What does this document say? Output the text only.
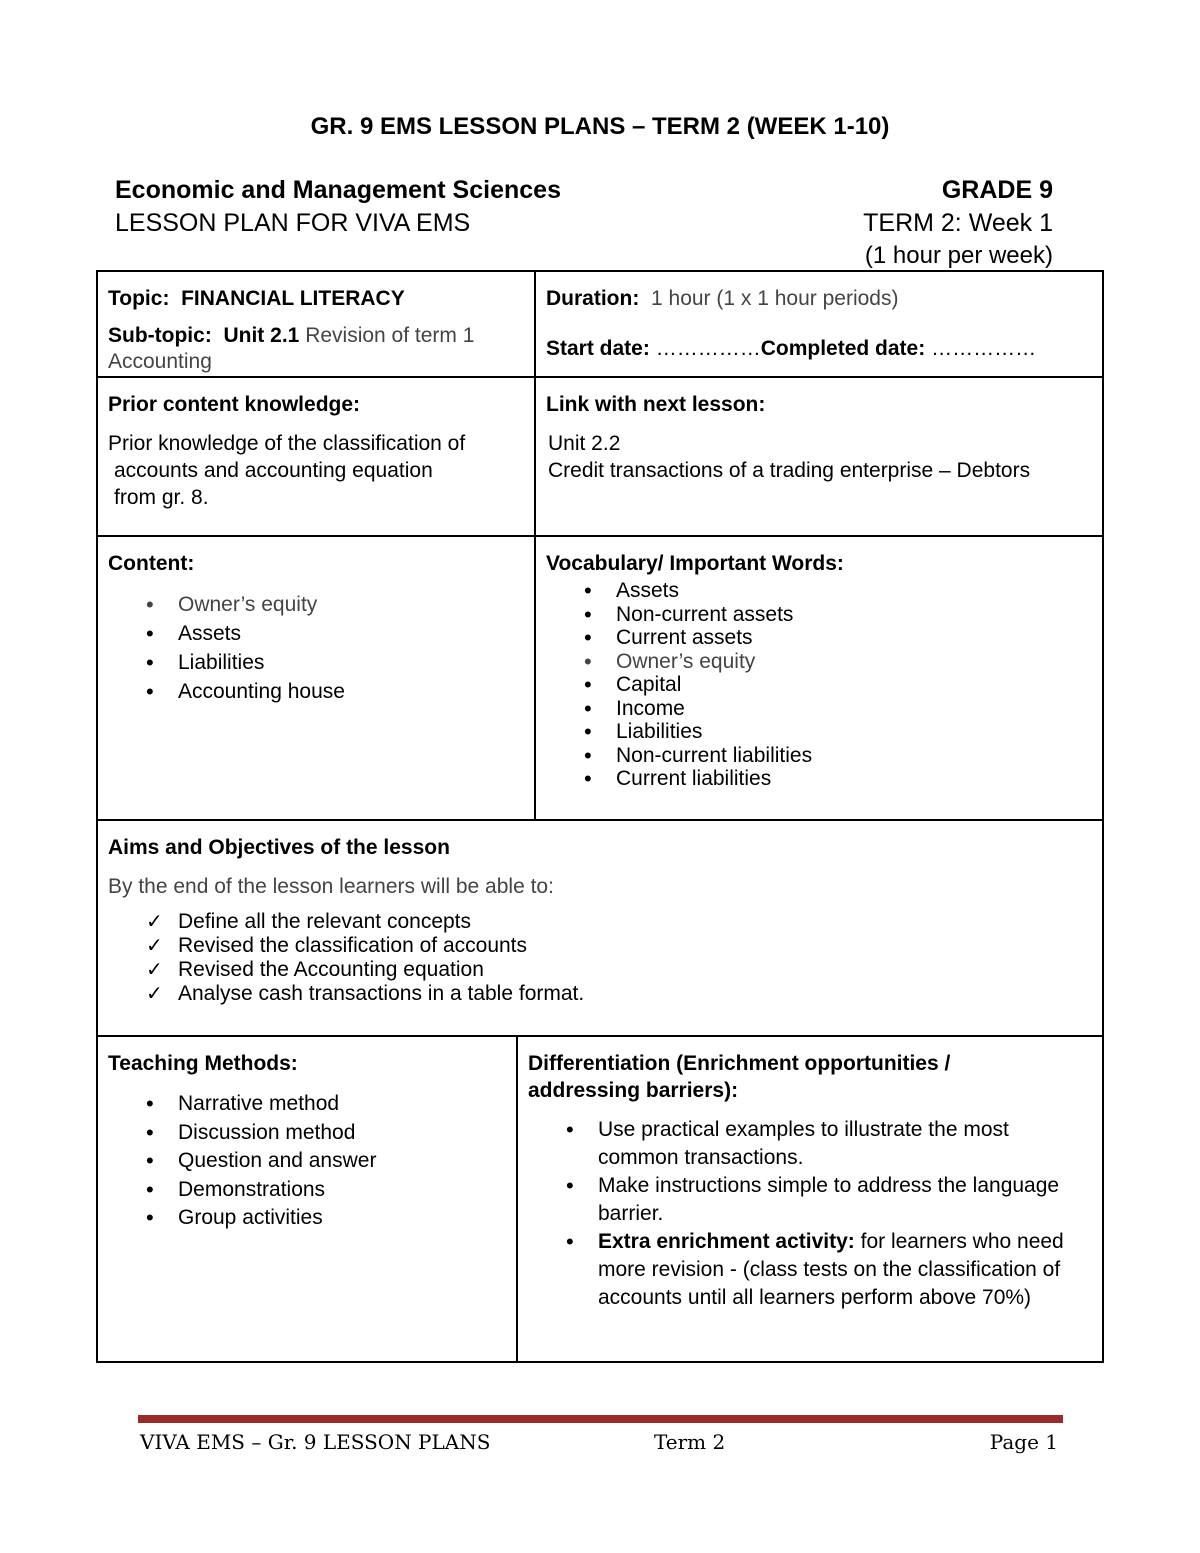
GR. 9 EMS LESSON PLANS – TERM 2 (WEEK 1-10)
Economic and Management Sciences
LESSON PLAN FOR VIVA EMS
GRADE 9
TERM 2: Week 1
(1 hour per week)
Topic: FINANCIAL LITERACY
Sub-topic: Unit 2.1 Revision of term 1 Accounting
Duration: 1 hour (1 x 1 hour periods)
Start date: ……………Completed date: ……………
Prior content knowledge:
Prior knowledge of the classification of
accounts and accounting equation
from gr. 8.
Link with next lesson:
Unit 2.2
Credit transactions of a trading enterprise – Debtors
Content:
• Owner’s equity
• Assets
• Liabilities
• Accounting house
Vocabulary/ Important Words:
• Assets
• Non-current assets
• Current assets
• Owner’s equity
• Capital
• Income
• Liabilities
• Non-current liabilities
• Current liabilities
Aims and Objectives of the lesson
By the end of the lesson learners will be able to:
✓ Define all the relevant concepts
✓ Revised the classification of accounts
✓ Revised the Accounting equation
✓ Analyse cash transactions in a table format.
Teaching Methods:
• Narrative method
• Discussion method
• Question and answer
• Demonstrations
• Group activities
Differentiation (Enrichment opportunities /
addressing barriers):
• Use practical examples to illustrate the most common transactions.
• Make instructions simple to address the language barrier.
• Extra enrichment activity: for learners who need more revision - (class tests on the classification of accounts until all learners perform above 70%)
VIVA EMS – Gr. 9 LESSON PLANS	Term 2	Page 1
